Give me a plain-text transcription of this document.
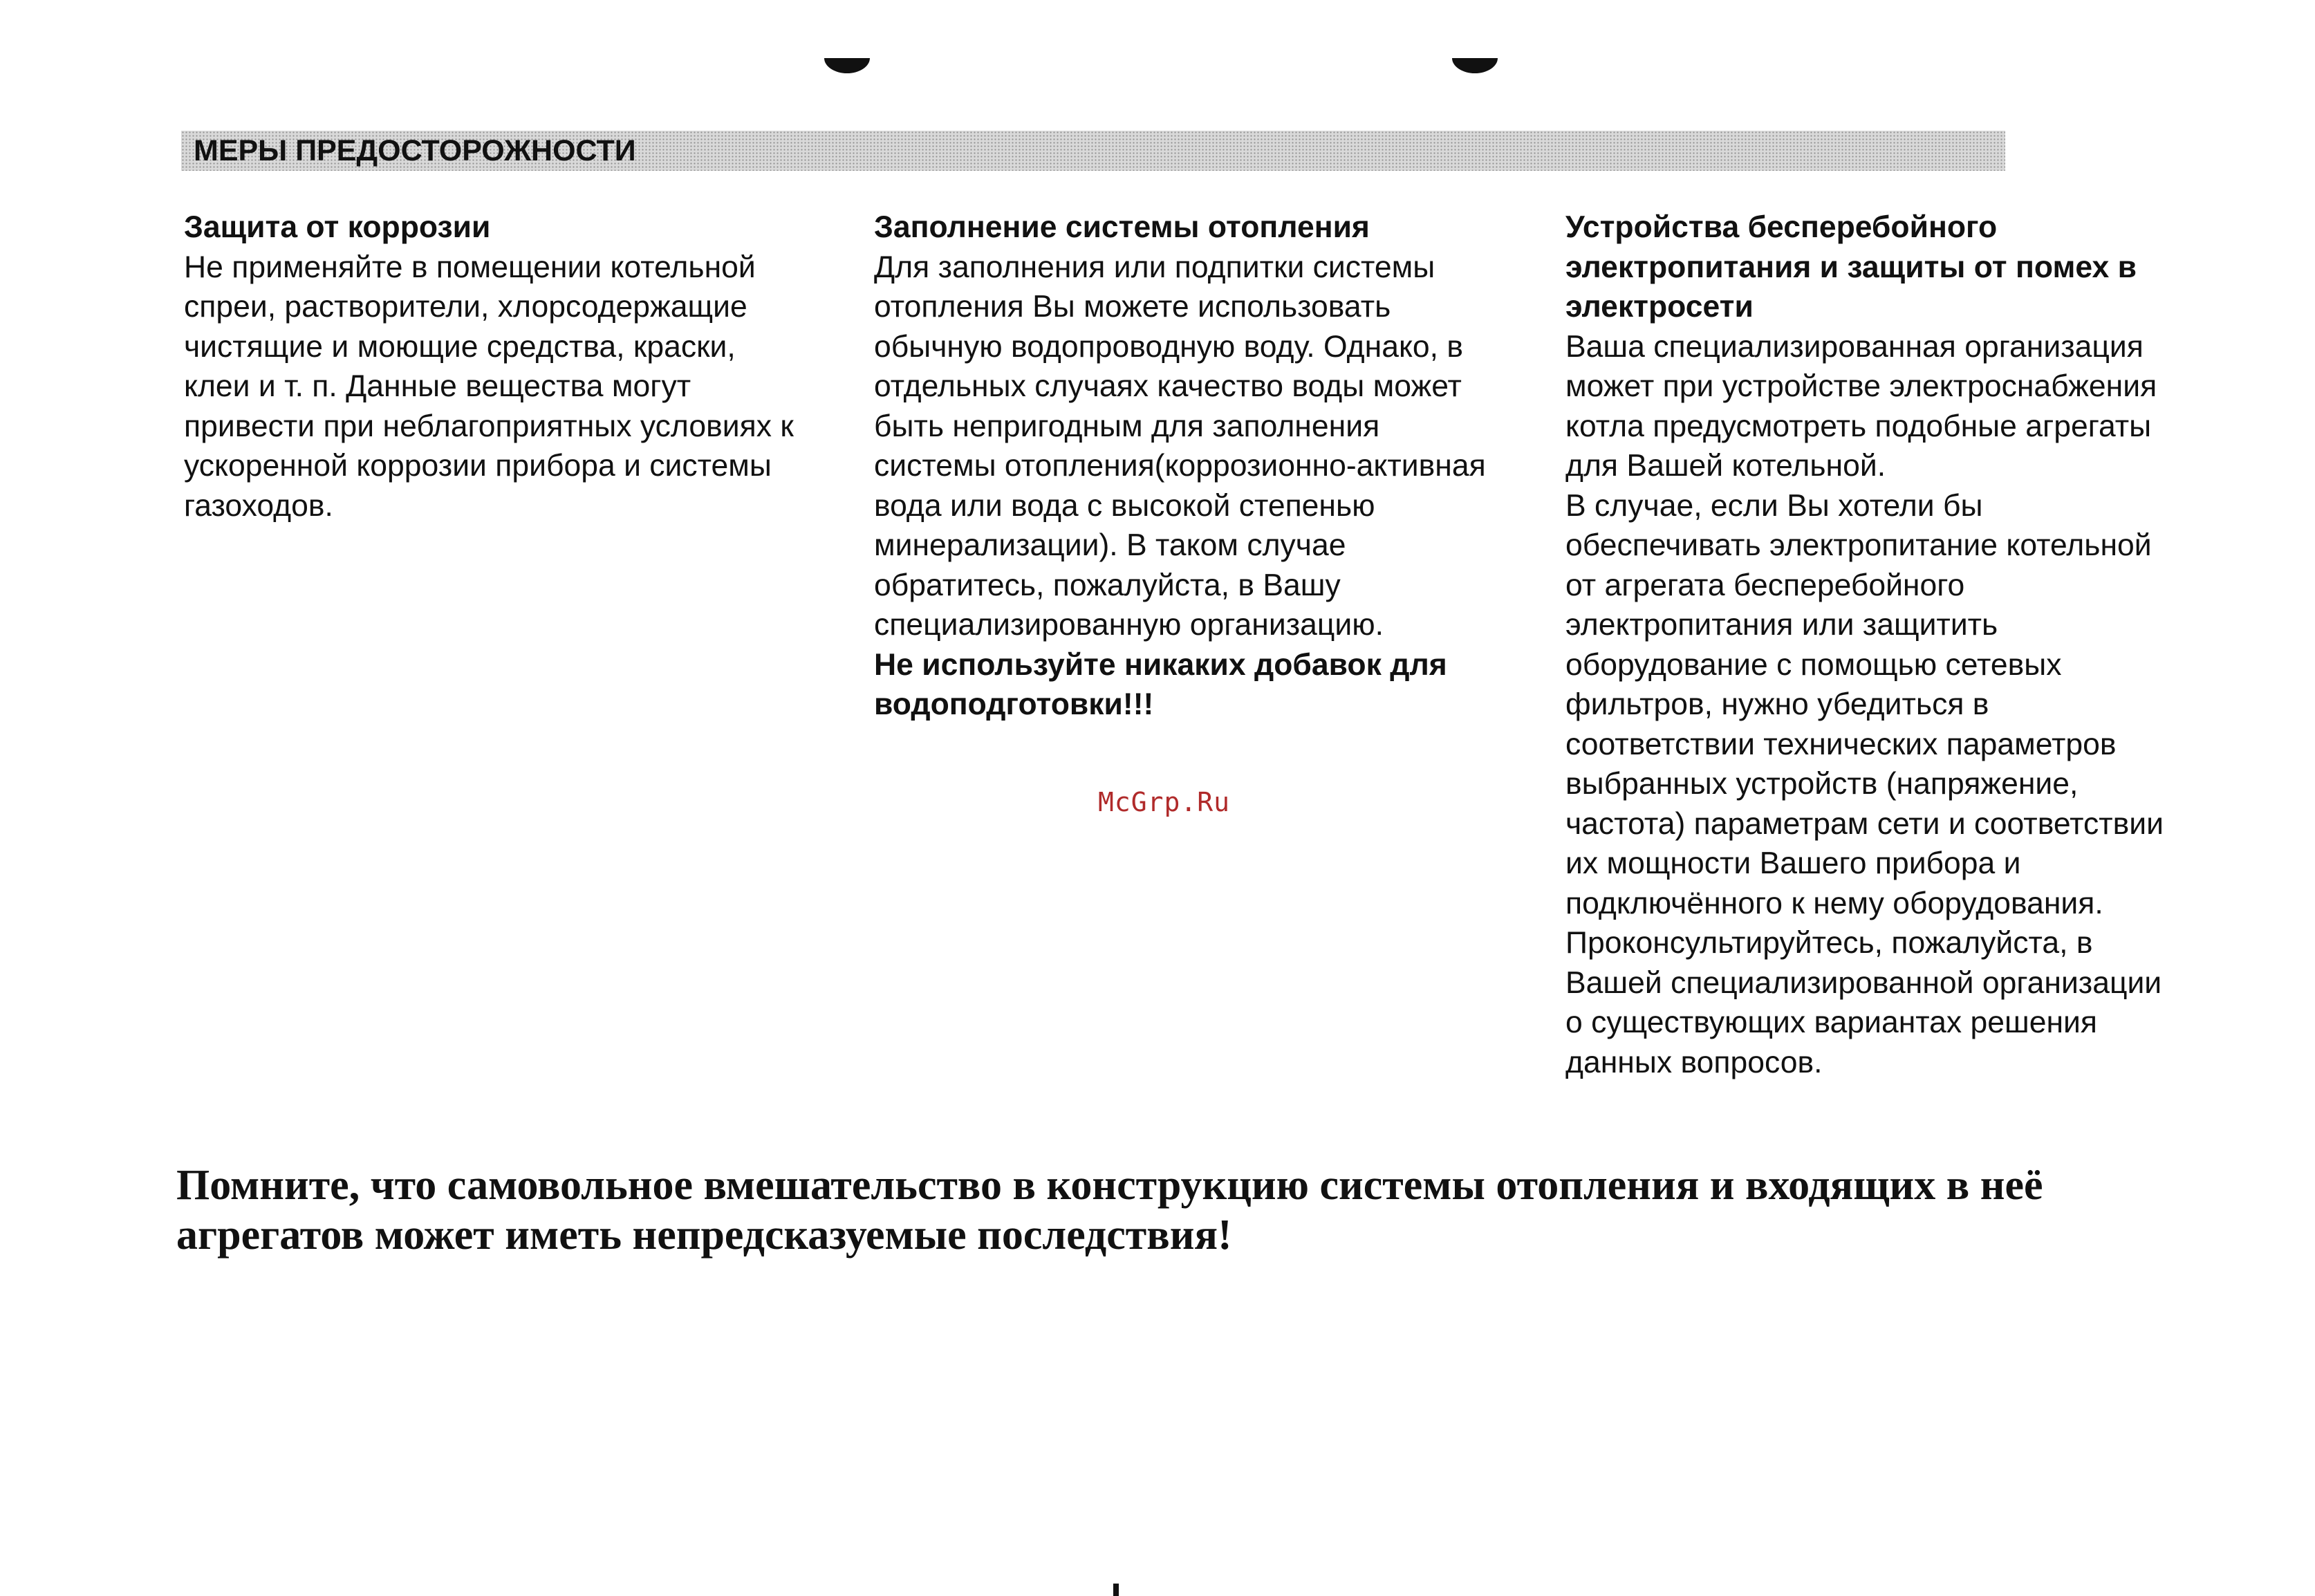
МЕРЫ ПРЕДОСТОРОЖНОСТИ

Защита от коррозии

Не применяйте в помещении котельной
спреи, растворители, хлорсодержащие
чистящие и моющие средства, краски,
клеи и т. п. Данные вещества могут
привести при неблагоприятных условиях к
ускоренной коррозии прибора и системы
газоходов.

Заполнение системы отопления

Для заполнения или подпитки системы
отопления Вы можете использовать
обычную водопроводную воду. Однако, в
отдельных случаях качество воды может
быть непригодным для заполнения
системы отопления(коррозионно-активная
вода или вода с высокой степенью
минерализации). В таком случае
обратитесь, пожалуйста, в Вашу
специализированную организацию.

Не используйте никаких добавок для
водоподготовки!!!

Устройства бесперебойного
электропитания и защиты от помех в
электросети

Ваша специализированная организация
может при устройстве электроснабжения
котла предусмотреть подобные агрегаты
для Вашей котельной.
В случае, если Вы хотели бы
обеспечивать электропитание котельной
от агрегата бесперебойного
электропитания или защитить
оборудование с помощью сетевых
фильтров, нужно убедиться в
соответствии технических параметров
выбранных устройств (напряжение,
частота) параметрам сети и соответствии
их мощности Вашего прибора и
подключённого к нему оборудования.
Проконсультируйтесь, пожалуйста, в
Вашей специализированной организации
о существующих вариантах решения
данных вопросов.

McGrp.Ru

Помните, что самовольное вмешательство в конструкцию системы отопления и входящих в неё
агрегатов может иметь непредсказуемые последствия!
